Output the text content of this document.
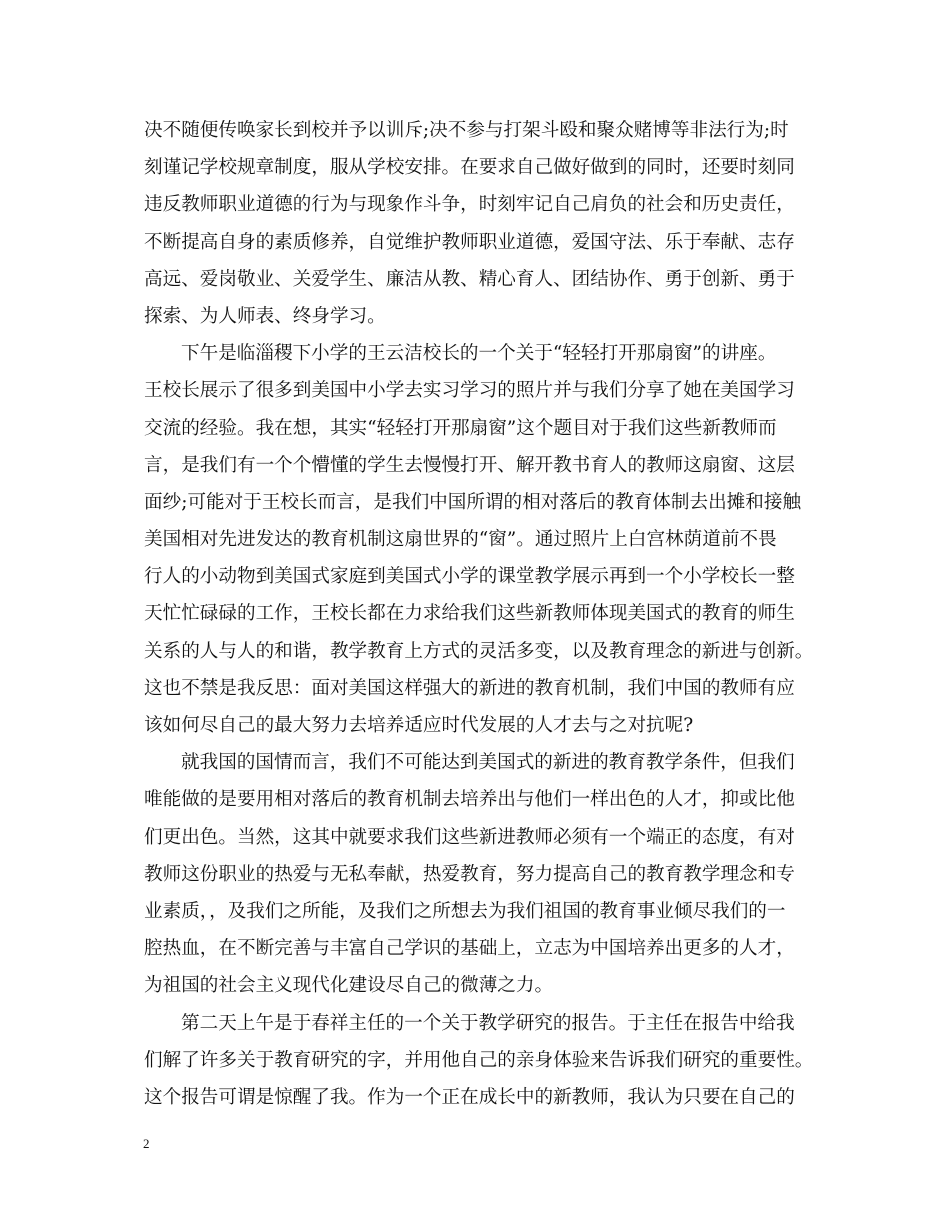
决不随便传唤家长到校并予以训斥;决不参与打架斗殴和聚众赌博等非法行为;时
刻谨记学校规章制度，服从学校安排。在要求自己做好做到的同时，还要时刻同
违反教师职业道德的行为与现象作斗争，时刻牢记自己肩负的社会和历史责任，
不断提高自身的素质修养，自觉维护教师职业道德，爱国守法、乐于奉献、志存
高远、爱岗敬业、关爱学生、廉洁从教、精心育人、团结协作、勇于创新、勇于
探索、为人师表、终身学习。
下午是临淄稷下小学的王云洁校长的一个关于“轻轻打开那扇窗”的讲座。
王校长展示了很多到美国中小学去实习学习的照片并与我们分享了她在美国学习
交流的经验。我在想，其实“轻轻打开那扇窗”这个题目对于我们这些新教师而
言，是我们有一个个懵懂的学生去慢慢打开、解开教书育人的教师这扇窗、这层
面纱;可能对于王校长而言，是我们中国所谓的相对落后的教育体制去出摊和接触
美国相对先进发达的教育机制这扇世界的“窗”。通过照片上白宫林荫道前不畏
行人的小动物到美国式家庭到美国式小学的课堂教学展示再到一个小学校长一整
天忙忙碌碌的工作，王校长都在力求给我们这些新教师体现美国式的教育的师生
关系的人与人的和谐，教学教育上方式的灵活多变，以及教育理念的新进与创新。
这也不禁是我反思：面对美国这样强大的新进的教育机制，我们中国的教师有应
该如何尽自己的最大努力去培养适应时代发展的人才去与之对抗呢?
就我国的国情而言，我们不可能达到美国式的新进的教育教学条件，但我们
唯能做的是要用相对落后的教育机制去培养出与他们一样出色的人才，抑或比他
们更出色。当然，这其中就要求我们这些新进教师必须有一个端正的态度，有对
教师这份职业的热爱与无私奉献，热爱教育，努力提高自己的教育教学理念和专
业素质，，及我们之所能，及我们之所想去为我们祖国的教育事业倾尽我们的一
腔热血，在不断完善与丰富自己学识的基础上，立志为中国培养出更多的人才，
为祖国的社会主义现代化建设尽自己的微薄之力。
第二天上午是于春祥主任的一个关于教学研究的报告。于主任在报告中给我
们解了许多关于教育研究的字，并用他自己的亲身体验来告诉我们研究的重要性。
这个报告可谓是惊醒了我。作为一个正在成长中的新教师，我认为只要在自己的
2
